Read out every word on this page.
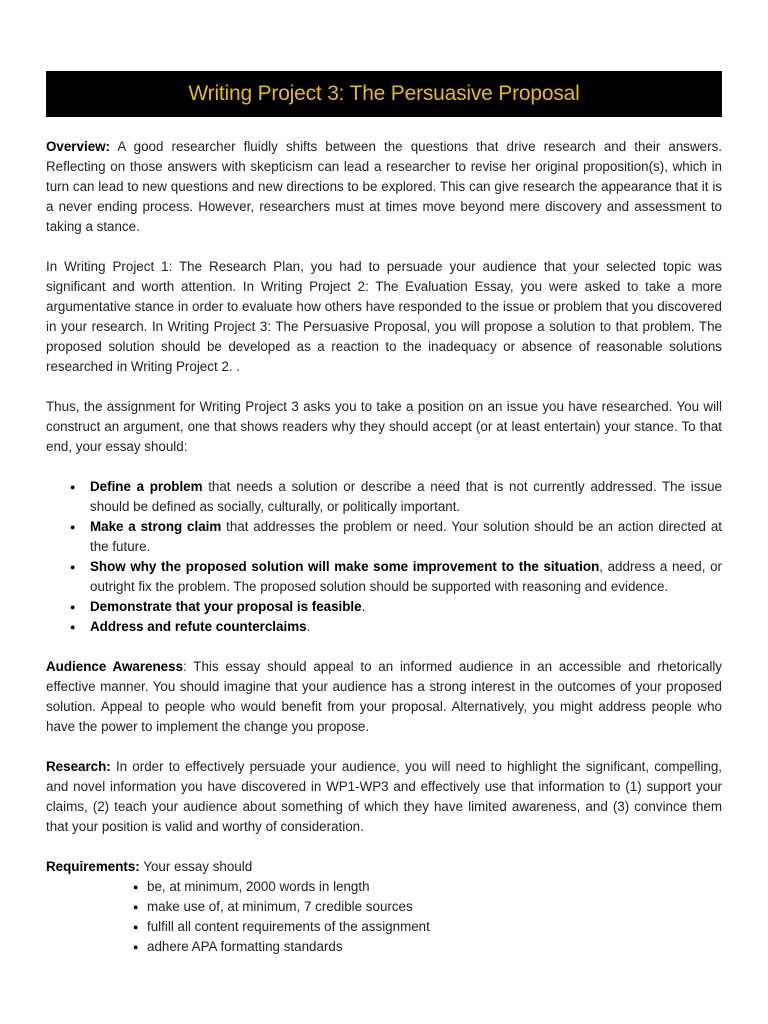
Writing Project 3: The Persuasive Proposal

Overview: A good researcher fluidly shifts between the questions that drive research and their answers. Reflecting on those answers with skepticism can lead a researcher to revise her original proposition(s), which in turn can lead to new questions and new directions to be explored. This can give research the appearance that it is a never ending process. However, researchers must at times move beyond mere discovery and assessment to taking a stance.

In Writing Project 1: The Research Plan, you had to persuade your audience that your selected topic was significant and worth attention. In Writing Project 2: The Evaluation Essay, you were asked to take a more argumentative stance in order to evaluate how others have responded to the issue or problem that you discovered in your research. In Writing Project 3: The Persuasive Proposal, you will propose a solution to that problem. The proposed solution should be developed as a reaction to the inadequacy or absence of reasonable solutions researched in Writing Project 2. .

Thus, the assignment for Writing Project 3 asks you to take a position on an issue you have researched. You will construct an argument, one that shows readers why they should accept (or at least entertain) your stance. To that end, your essay should:

● Define a problem that needs a solution or describe a need that is not currently addressed. The issue should be defined as socially, culturally, or politically important.
● Make a strong claim that addresses the problem or need. Your solution should be an action directed at the future.
● Show why the proposed solution will make some improvement to the situation, address a need, or outright fix the problem. The proposed solution should be supported with reasoning and evidence.
● Demonstrate that your proposal is feasible.
● Address and refute counterclaims.

Audience Awareness: This essay should appeal to an informed audience in an accessible and rhetorically effective manner. You should imagine that your audience has a strong interest in the outcomes of your proposed solution. Appeal to people who would benefit from your proposal. Alternatively, you might address people who have the power to implement the change you propose.

Research: In order to effectively persuade your audience, you will need to highlight the significant, compelling, and novel information you have discovered in WP1-WP3 and effectively use that information to (1) support your claims, (2) teach your audience about something of which they have limited awareness, and (3) convince them that your position is valid and worthy of consideration.

Requirements: Your essay should
● be, at minimum, 2000 words in length
● make use of, at minimum, 7 credible sources
● fulfill all content requirements of the assignment
● adhere APA formatting standards
